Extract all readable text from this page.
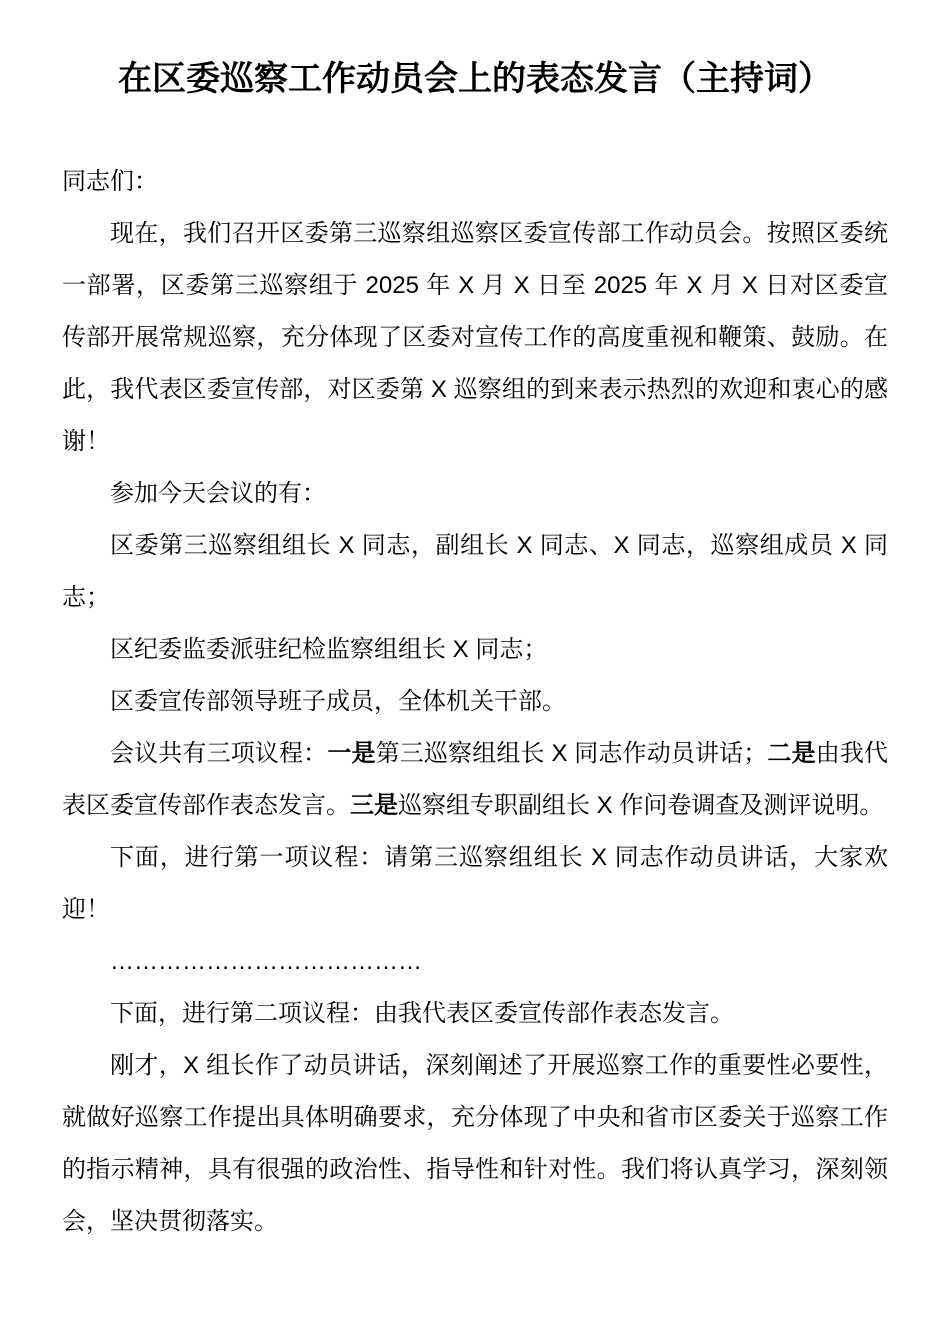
在区委巡察工作动员会上的表态发言（主持词）

同志们：

现在，我们召开区委第三巡察组巡察区委宣传部工作动员会。按照区委统一部署，区委第三巡察组于 2025 年 X 月 X 日至 2025 年 X 月 X 日对区委宣传部开展常规巡察，充分体现了区委对宣传工作的高度重视和鞭策、鼓励。在此，我代表区委宣传部，对区委第 X 巡察组的到来表示热烈的欢迎和衷心的感谢！

参加今天会议的有：

区委第三巡察组组长 X 同志，副组长 X 同志、X 同志，巡察组成员 X 同志；

区纪委监委派驻纪检监察组组长 X 同志；

区委宣传部领导班子成员，全体机关干部。

会议共有三项议程：一是第三巡察组组长 X 同志作动员讲话；二是由我代表区委宣传部作表态发言。三是巡察组专职副组长 X 作问卷调查及测评说明。

下面，进行第一项议程：请第三巡察组组长 X 同志作动员讲话，大家欢迎！

…………………………………

下面，进行第二项议程：由我代表区委宣传部作表态发言。

刚才，X 组长作了动员讲话，深刻阐述了开展巡察工作的重要性必要性，就做好巡察工作提出具体明确要求，充分体现了中央和省市区委关于巡察工作的指示精神，具有很强的政治性、指导性和针对性。我们将认真学习，深刻领会，坚决贯彻落实。
